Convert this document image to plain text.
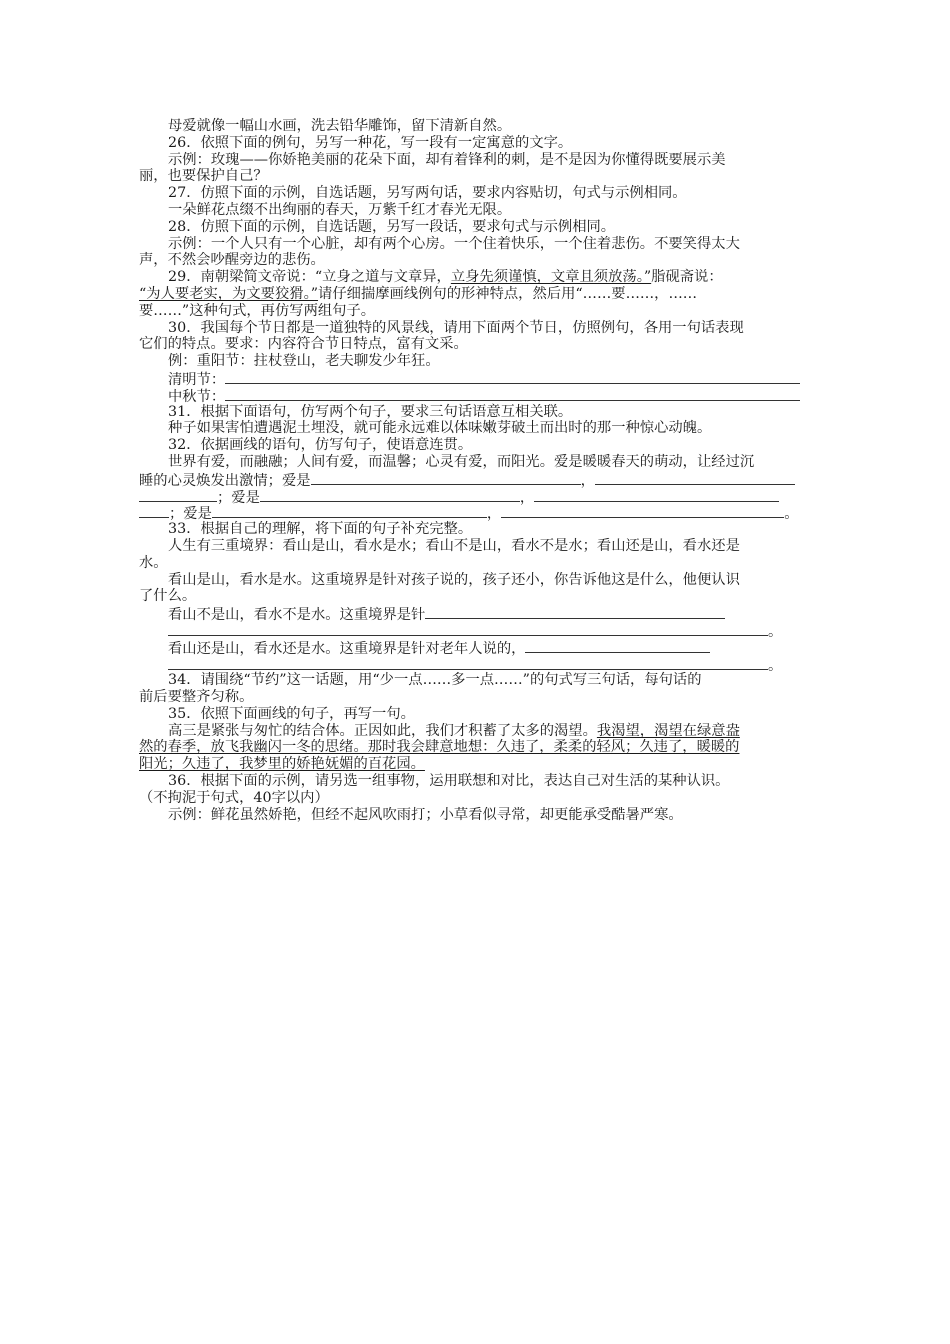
母爱就像一幅山水画，洗去铅华雕饰，留下清新自然。
26．依照下面的例句，另写一种花，写一段有一定寓意的文字。
示例：玫瑰——你娇艳美丽的花朵下面，却有着锋利的刺，是不是因为你懂得既要展示美
丽，也要保护自己？
27．仿照下面的示例，自选话题，另写两句话，要求内容贴切，句式与示例相同。
一朵鲜花点缀不出绚丽的春天，万紫千红才春光无限。
28．仿照下面的示例，自选话题，另写一段话，要求句式与示例相同。
示例：一个人只有一个心脏，却有两个心房。一个住着快乐，一个住着悲伤。不要笑得太大
声，不然会吵醒旁边的悲伤。
29．南朝梁简文帝说：“立身之道与文章异，立身先须谨慎，文章且须放荡。”脂砚斋说：
“为人要老实，为文要狡猾。”请仔细揣摩画线例句的形神特点，然后用“……要……，……
要……”这种句式，再仿写两组句子。
30．我国每个节日都是一道独特的风景线，请用下面两个节日，仿照例句，各用一句话表现
它们的特点。要求：内容符合节日特点，富有文采。
例：重阳节：拄杖登山，老夫聊发少年狂。
清明节：
中秋节：
31．根据下面语句，仿写两个句子，要求三句话语意互相关联。
种子如果害怕遭遇泥土埋没，就可能永远难以体味嫩芽破土而出时的那一种惊心动魄。
32．依据画线的语句，仿写句子，使语意连贯。
世界有爱，而融融；人间有爱，而温馨；心灵有爱，而阳光。爱是暖暖春天的萌动，让经过沉
睡的心灵焕发出激情；爱是	，
；爱是	，
；爱是	，	。
33．根据自己的理解，将下面的句子补充完整。
人生有三重境界：看山是山，看水是水；看山不是山，看水不是水；看山还是山，看水还是
水。
看山是山，看水是水。这重境界是针对孩子说的，孩子还小，你告诉他这是什么，他便认识
了什么。
看山不是山，看水不是水。这重境界是针
。
看山还是山，看水还是水。这重境界是针对老年人说的，
。
34．请围绕“节约”这一话题，用“少一点……多一点……”的句式写三句话，每句话的
前后要整齐匀称。
35．依照下面画线的句子，再写一句。
高三是紧张与匆忙的结合体。正因如此，我们才积蓄了太多的渴望。我渴望，渴望在绿意盎
然的春季，放飞我幽闪一冬的思绪。那时我会肆意地想：久违了，柔柔的轻风；久违了，暖暖的
阳光；久违了，我梦里的娇艳妩媚的百花园。
36．根据下面的示例，请另选一组事物，运用联想和对比，表达自己对生活的某种认识。
（不拘泥于句式，40字以内）
示例：鲜花虽然娇艳，但经不起风吹雨打；小草看似寻常，却更能承受酷暑严寒。
